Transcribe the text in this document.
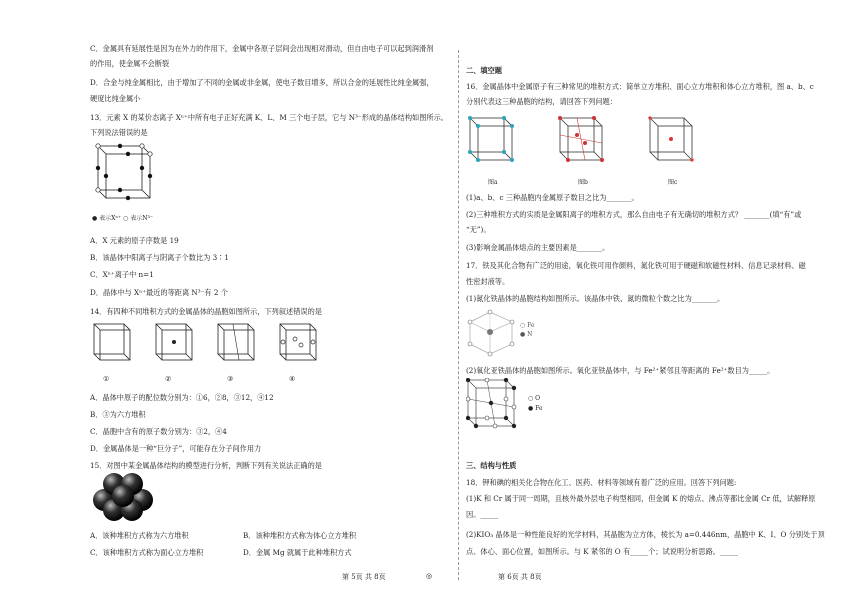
C．金属具有延展性是因为在外力的作用下，金属中各原子层间会出现相对滑动，但自由电子可以起到润滑剂
的作用，使金属不会断裂
D．合金与纯金属相比，由于增加了不同的金属或非金属，使电子数目增多，所以合金的延展性比纯金属强，
硬度比纯金属小
13．元素 X 的某价态离子 Xⁿ⁺中所有电子正好充满 K、L、M 三个电子层，它与 N³⁻形成的晶体结构如图所示。
下列说法错误的是
● 表示Xⁿ⁺ ○ 表示N³⁻
A．X 元素的原子序数是 19
B．该晶体中阳离子与阴离子个数比为 3∶1
C．Xⁿ⁺离子中 n=1
D．晶体中与 Xⁿ⁺最近的等距离 N³⁻有 2 个
14．有四种不同堆积方式的金属晶体的晶胞如图所示，下列叙述错误的是
①	②	③	④
A．晶体中原子的配位数分别为：①6，②8，③12，④12
B．③为六方堆积
C．晶胞中含有的原子数分别为：③2，④4
D．金属晶体是一种“巨分子”，可能存在分子间作用力
15．对图中某金属晶体结构的模型进行分析，判断下列有关说法正确的是
A．该种堆积方式称为六方堆积	B．该种堆积方式称为体心立方堆积
C．该种堆积方式称为面心立方堆积	D．金属 Mg 就属于此种堆积方式
第 5页 共 8页	◎
二、填空题
16．金属晶体中金属原子有三种常见的堆积方式：简单立方堆积、面心立方堆积和体心立方堆积，图 a、b、c
分别代表这三种晶胞的结构，请回答下列问题：
图a	图b	图c
(1)a、b、c 三种晶胞内金属原子数目之比为_______。
(2)三种堆积方式的实质是金属阳离子的堆积方式，那么自由电子有无确切的堆积方式？ _______(填“有”或
“无”)。
(3)影响金属晶体熔点的主要因素是_______。
17．铁及其化合物有广泛的用途，氧化铁可用作颜料，氮化铁可用于硬磁和软磁性材料、信息记录材料、磁
性密封液等。
(1)氮化铁晶体的晶胞结构如图所示。该晶体中铁、氮的微粒个数之比为_______。
○ Fe
● N
(2)氧化亚铁晶体的晶胞如图所示。氧化亚铁晶体中，与 Fe²⁺紧邻且等距离的 Fe²⁺数目为_____。
○ O
● Fe
三、结构与性质
18．钾和碘的相关化合物在化工、医药、材料等领域有着广泛的应用。回答下列问题:
(1)K 和 Cr 属于同一周期，且核外最外层电子构型相同，但金属 K 的熔点、沸点等都比金属 Cr 低，试解释原
因。_____
(2)KIO₃ 晶体是一种性能良好的光学材料，其晶胞为立方体，棱长为 a=0.446nm，晶胞中 K、I、O 分别处于顶
点、体心、面心位置，如图所示。与 K 紧邻的 O 有_____个；试说明分析思路。_____
第 6页 共 8页
